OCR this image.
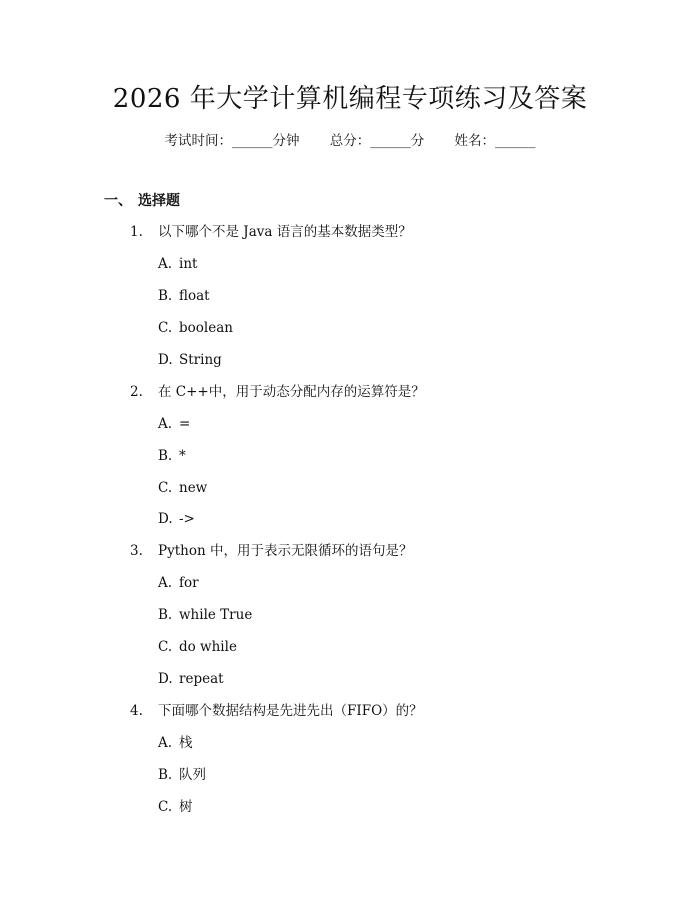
2026 年大学计算机编程专项练习及答案
考试时间：______分钟 总分：______分 姓名：______
一、 选择题
1. 以下哪个不是 Java 语言的基本数据类型？
A. int
B. float
C. boolean
D. String
2. 在 C++中，用于动态分配内存的运算符是？
A. =
B. *
C. new
D. ->
3. Python 中，用于表示无限循环的语句是？
A. for
B. while True
C. do while
D. repeat
4. 下面哪个数据结构是先进先出（FIFO）的？
A. 栈
B. 队列
C. 树
